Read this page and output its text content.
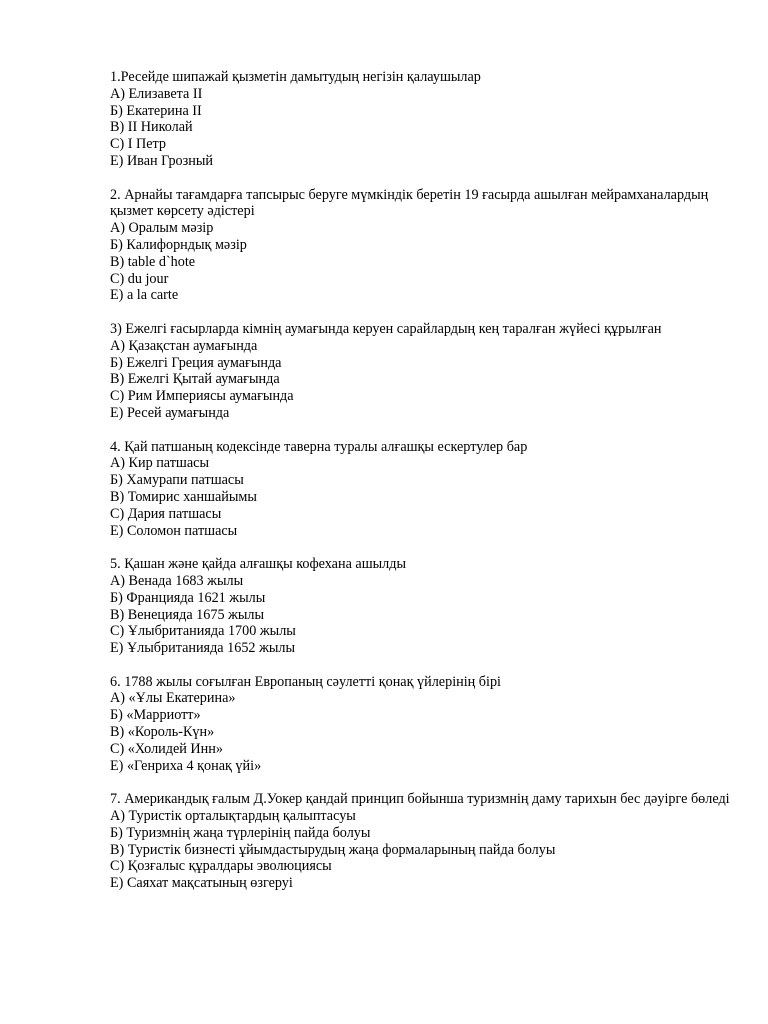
1.Ресейде шипажай қызметін дамытудың негізін қалаушылар
А) Елизавета II
Б) Екатерина II
В) II Николай
С) І Петр
Е) Иван Грозный
2. Арнайы тағамдарға тапсырыс беруге мүмкіндік беретін 19 ғасырда ашылған мейрамханалардың қызмет көрсету әдістері
А) Оралым мәзір
Б) Калифорндық мәзір
В) table d`hote
С) du jour
Е) a la carte
3) Ежелгі ғасырларда кімнің аумағында керуен сарайлардың кең таралған жүйесі құрылған
А) Қазақстан аумағында
Б) Ежелгі Греция аумағында
В) Ежелгі Қытай аумағында
С) Рим Империясы аумағында
Е) Ресей аумағында
4. Қай патшаның кодексінде таверна туралы алғашқы ескертулер бар
А) Кир патшасы
Б) Хамурапи патшасы
В) Томирис ханшайымы
С) Дария патшасы
Е) Соломон патшасы
5. Қашан және қайда алғашқы кофехана ашылды
А) Венада 1683 жылы
Б) Францияда 1621 жылы
В) Венецияда 1675 жылы
С) Ұлыбританияда 1700 жылы
Е) Ұлыбританияда 1652 жылы
6. 1788 жылы соғылған Европаның сәулетті қонақ үйлерінің бірі
А) «Ұлы Екатерина»
Б) «Марриотт»
В) «Король-Күн»
С) «Холидей Инн»
Е) «Генриха 4 қонақ үйі»
7. Американдық ғалым Д.Уокер қандай принцип бойынша туризмнің даму тарихын бес дәуірге бөледі
А) Туристік орталықтардың қалыптасуы
Б) Туризмнің жаңа түрлерінің пайда болуы
В) Туристік бизнесті ұйымдастырудың жаңа формаларының пайда болуы
С) Қозғалыс құралдары эволюциясы
Е) Саяхат мақсатының өзгеруі
